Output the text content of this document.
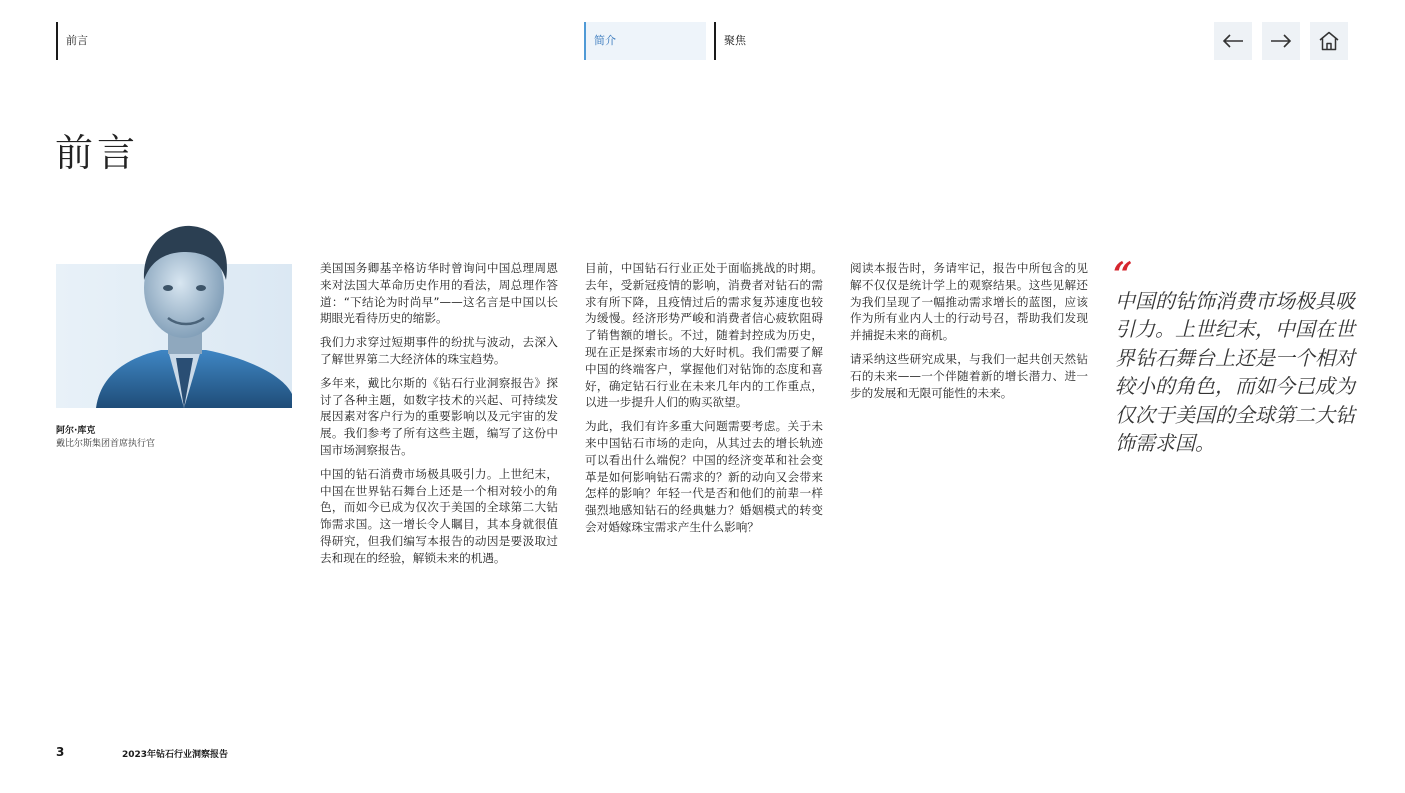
前言	简介	聚焦
前言
阿尔·库克
戴比尔斯集团首席执行官

美国国务卿基辛格访华时曾询问中国总理周恩来对法国大革命历史作用的看法，周总理作答道：“下结论为时尚早”——这名言是中国以长期眼光看待历史的缩影。

我们力求穿过短期事件的纷扰与波动，去深入了解世界第二大经济体的珠宝趋势。

多年来，戴比尔斯的《钻石行业洞察报告》探讨了各种主题，如数字技术的兴起、可持续发展因素对客户行为的重要影响以及元宇宙的发展。我们参考了所有这些主题，编写了这份中国市场洞察报告。

中国的钻石消费市场极具吸引力。上世纪末，中国在世界钻石舞台上还是一个相对较小的角色，而如今已成为仅次于美国的全球第二大钻饰需求国。这一增长令人瞩目，其本身就很值得研究，但我们编写本报告的动因是要汲取过去和现在的经验，解锁未来的机遇。

目前，中国钻石行业正处于面临挑战的时期。去年，受新冠疫情的影响，消费者对钻石的需求有所下降，且疫情过后的需求复苏速度也较为缓慢。经济形势严峻和消费者信心疲软阻碍了销售额的增长。不过，随着封控成为历史，现在正是探索市场的大好时机。我们需要了解中国的终端客户，掌握他们对钻饰的态度和喜好，确定钻石行业在未来几年内的工作重点，以进一步提升人们的购买欲望。

为此，我们有许多重大问题需要考虑。关于未来中国钻石市场的走向，从其过去的增长轨迹可以看出什么端倪？中国的经济变革和社会变革是如何影响钻石需求的？新的动向又会带来怎样的影响？年轻一代是否和他们的前辈一样强烈地感知钻石的经典魅力？婚姻模式的转变会对婚嫁珠宝需求产生什么影响？

阅读本报告时，务请牢记，报告中所包含的见解不仅仅是统计学上的观察结果。这些见解还为我们呈现了一幅推动需求增长的蓝图，应该作为所有业内人士的行动号召，帮助我们发现并捕捉未来的商机。

请采纳这些研究成果，与我们一起共创天然钻石的未来——一个伴随着新的增长潜力、进一步的发展和无限可能性的未来。

“
中国的钻饰消费市场极具吸引力。上世纪末，中国在世界钻石舞台上还是一个相对较小的角色，而如今已成为仅次于美国的全球第二大钻饰需求国。
3	2023年钻石行业洞察报告
